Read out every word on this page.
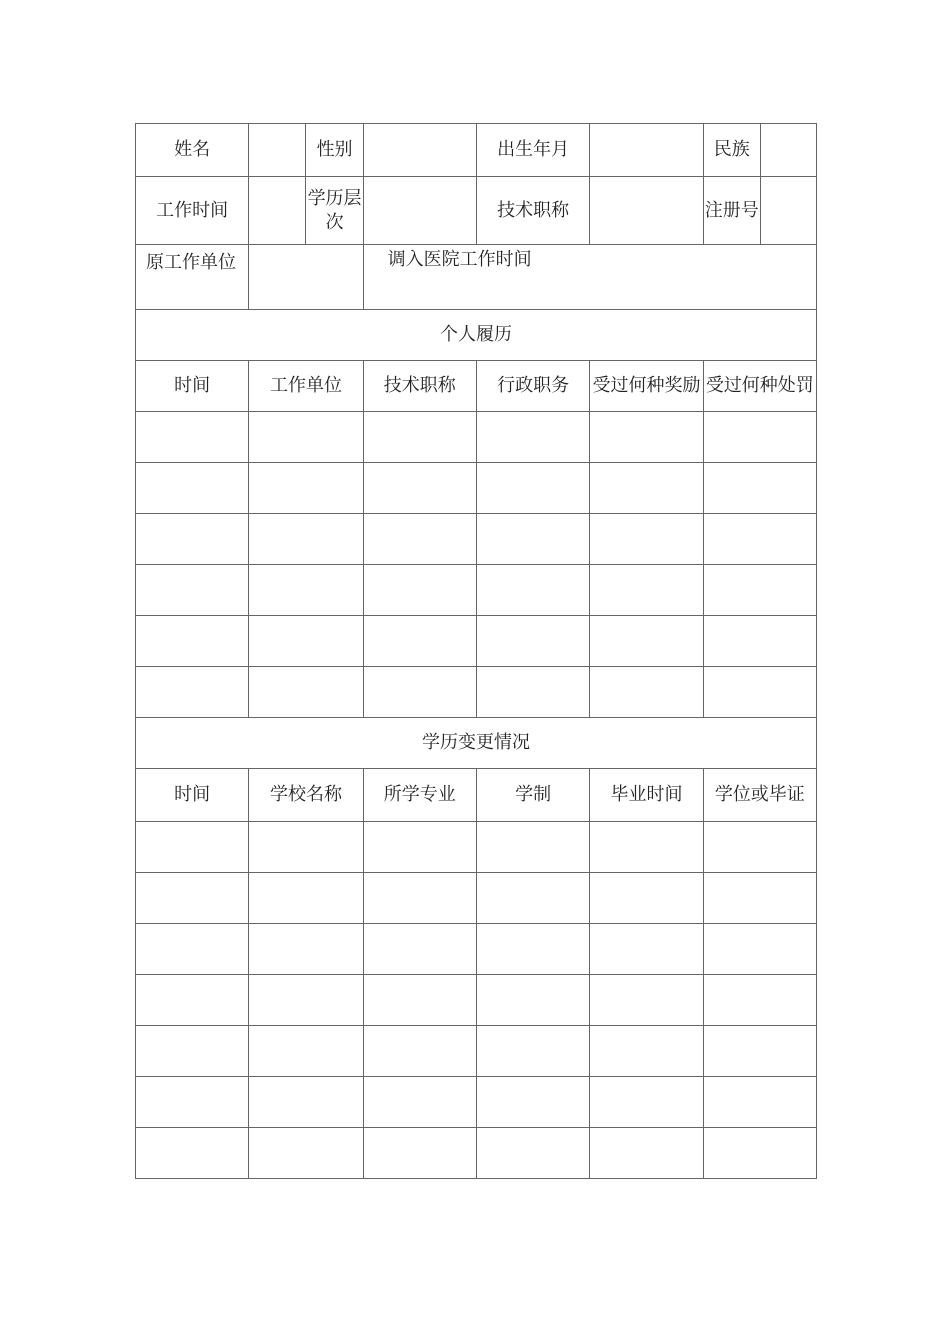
姓名		性别		出生年月		民族	
工作时间		学历层次		技术职称		注册号	
原工作单位			调入医院工作时间				
个人履历							
时间	工作单位		技术职称	行政职务	受过何种奖励	受过何种处罚	

学历变更情况							
时间	学校名称		所学专业	学制	毕业时间	学位或毕证	
